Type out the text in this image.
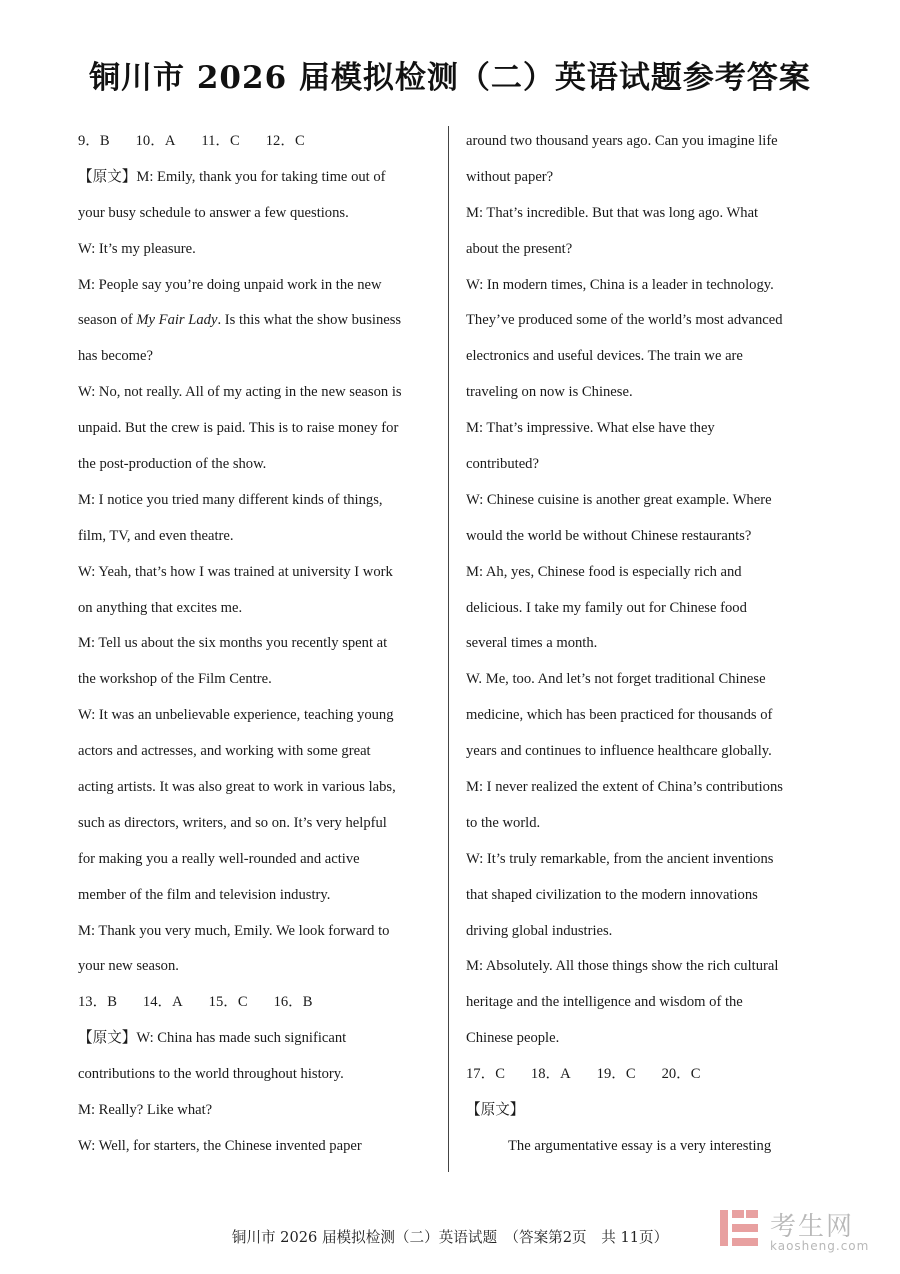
铜川市 2026 届模拟检测（二）英语试题参考答案
9．B 10．A 11．C 12．C
【原文】M: Emily, thank you for taking time out of
your busy schedule to answer a few questions.
W: It’s my pleasure.
M: People say you’re doing unpaid work in the new
season of My Fair Lady. Is this what the show business
has become?
W: No, not really. All of my acting in the new season is
unpaid. But the crew is paid. This is to raise money for
the post-production of the show.
M: I notice you tried many different kinds of things,
film, TV, and even theatre.
W: Yeah, that’s how I was trained at university I work
on anything that excites me.
M: Tell us about the six months you recently spent at
the workshop of the Film Centre.
W: It was an unbelievable experience, teaching young
actors and actresses, and working with some great
acting artists. It was also great to work in various labs,
such as directors, writers, and so on. It’s very helpful
for making you a really well-rounded and active
member of the film and television industry.
M: Thank you very much, Emily. We look forward to
your new season.
13．B 14．A 15．C 16．B
【原文】W: China has made such significant
contributions to the world throughout history.
M: Really? Like what?
W: Well, for starters, the Chinese invented paper
around two thousand years ago. Can you imagine life
without paper?
M: That’s incredible. But that was long ago. What
about the present?
W: In modern times, China is a leader in technology.
They’ve produced some of the world’s most advanced
electronics and useful devices. The train we are
traveling on now is Chinese.
M: That’s impressive. What else have they
contributed?
W: Chinese cuisine is another great example. Where
would the world be without Chinese restaurants?
M: Ah, yes, Chinese food is especially rich and
delicious. I take my family out for Chinese food
several times a month.
W. Me, too. And let’s not forget traditional Chinese
medicine, which has been practiced for thousands of
years and continues to influence healthcare globally.
M: I never realized the extent of China’s contributions
to the world.
W: It’s truly remarkable, from the ancient inventions
that shaped civilization to the modern innovations
driving global industries.
M: Absolutely. All those things show the rich cultural
heritage and the intelligence and wisdom of the
Chinese people.
17．C 18．A 19．C 20．C
【原文】
The argumentative essay is a very interesting
铜川市 2026 届模拟检测（二）英语试题　（答案第2页　共 11页）	考生网
kaosheng.com
